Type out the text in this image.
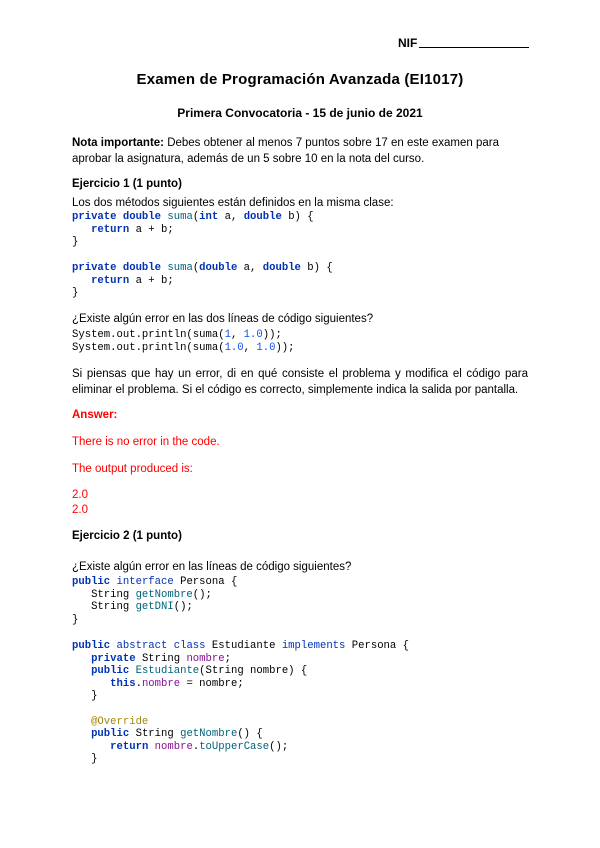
NIF
Examen de Programación Avanzada (EI1017)
Primera Convocatoria - 15 de junio de 2021
Nota importante: Debes obtener al menos 7 puntos sobre 17 en este examen para aprobar la asignatura, además de un 5 sobre 10 en la nota del curso.
Ejercicio 1 (1 punto)
Los dos métodos siguientes están definidos en la misma clase:
private double suma(int a, double b) {
return a + b;
}
private double suma(double a, double b) {
return a + b;
}
¿Existe algún error en las dos líneas de código siguientes?
System.out.println(suma(1, 1.0));
System.out.println(suma(1.0, 1.0));
Si piensas que hay un error, di en qué consiste el problema y modifica el código para eliminar el problema. Si el código es correcto, simplemente indica la salida por pantalla.
Answer:
There is no error in the code.
The output produced is:
2.0
2.0
Ejercicio 2 (1 punto)
¿Existe algún error en las líneas de código siguientes?
public interface Persona {
String getNombre();
String getDNI();
}
public abstract class Estudiante implements Persona {
private String nombre;
public Estudiante(String nombre) {
this.nombre = nombre;
}

@Override
public String getNombre() {
return nombre.toUpperCase();
}
